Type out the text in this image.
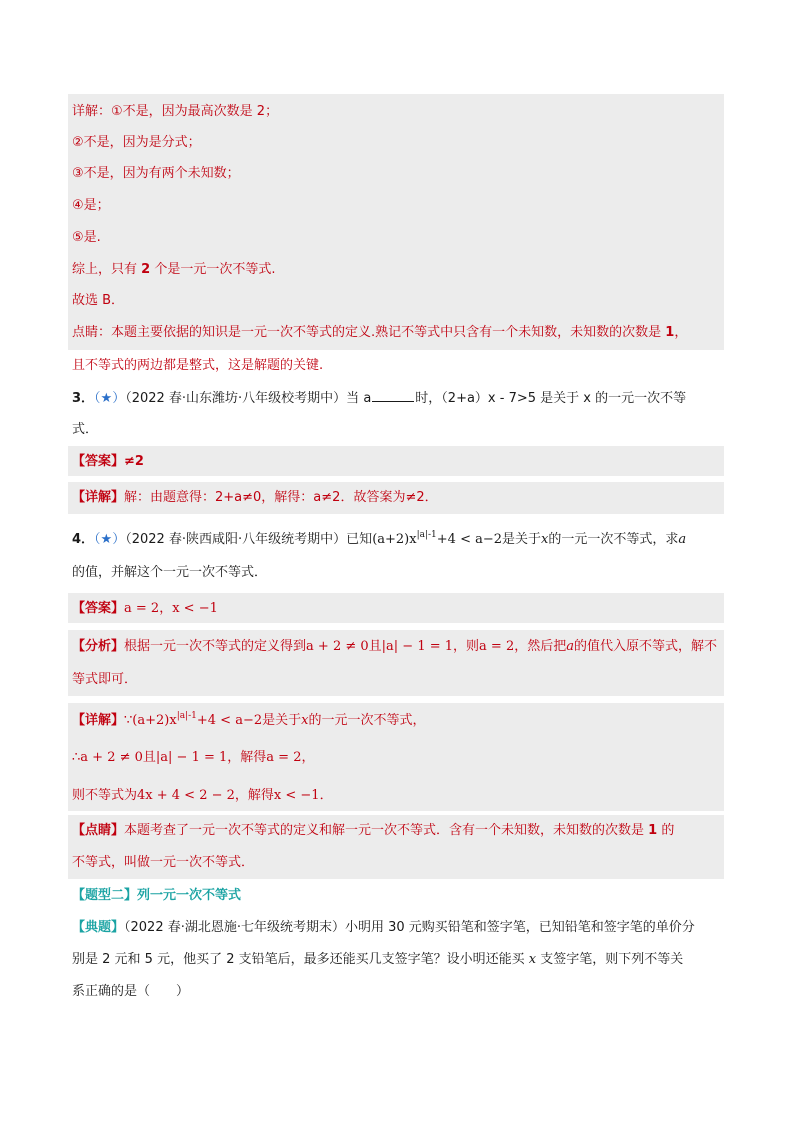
详解：①不是，因为最高次数是 2；
②不是，因为是分式；
③不是，因为有两个未知数；
④是；
⑤是.
综上，只有 2 个是一元一次不等式.
故选 B．
点睛：本题主要依据的知识是一元一次不等式的定义.熟记不等式中只含有一个未知数，未知数的次数是 1，
且不等式的两边都是整式，这是解题的关键.
3．（★）（2022 春·山东潍坊·八年级校考期中）当 a	时，（2+a）x - 7>5 是关于 x 的一元一次不等
式．
【答案】≠2
【详解】解：由题意得：2+a≠0，解得：a≠2．故答案为≠2．
4．（★）（2022 春·陕西咸阳·八年级统考期中）已知$(a+2)x^{|a|-1}+4 < a-2$是关于x的一元一次不等式，求a
的值，并解这个一元一次不等式．
【答案】a = 2，x < −1
【分析】根据一元一次不等式的定义得到a + 2 ≠ 0且|a| − 1 = 1，则a = 2，然后把a的值代入原不等式，解不
等式即可．
【详解】$\because(a+2)x^{|a|-1}+4 < a-2$是关于x的一元一次不等式，
∴a + 2 ≠ 0且|a| − 1 = 1，解得a = 2，
则不等式为4x + 4 < 2 − 2，解得x < −1．
【点睛】本题考查了一元一次不等式的定义和解一元一次不等式．含有一个未知数，未知数的次数是 1 的
不等式，叫做一元一次不等式．
【题型二】列一元一次不等式
【典题】（2022 春·湖北恩施·七年级统考期末）小明用 30 元购买铅笔和签字笔，已知铅笔和签字笔的单价分
别是 2 元和 5 元，他买了 2 支铅笔后，最多还能买几支签字笔？设小明还能买 x 支签字笔，则下列不等关
系正确的是（　　）
